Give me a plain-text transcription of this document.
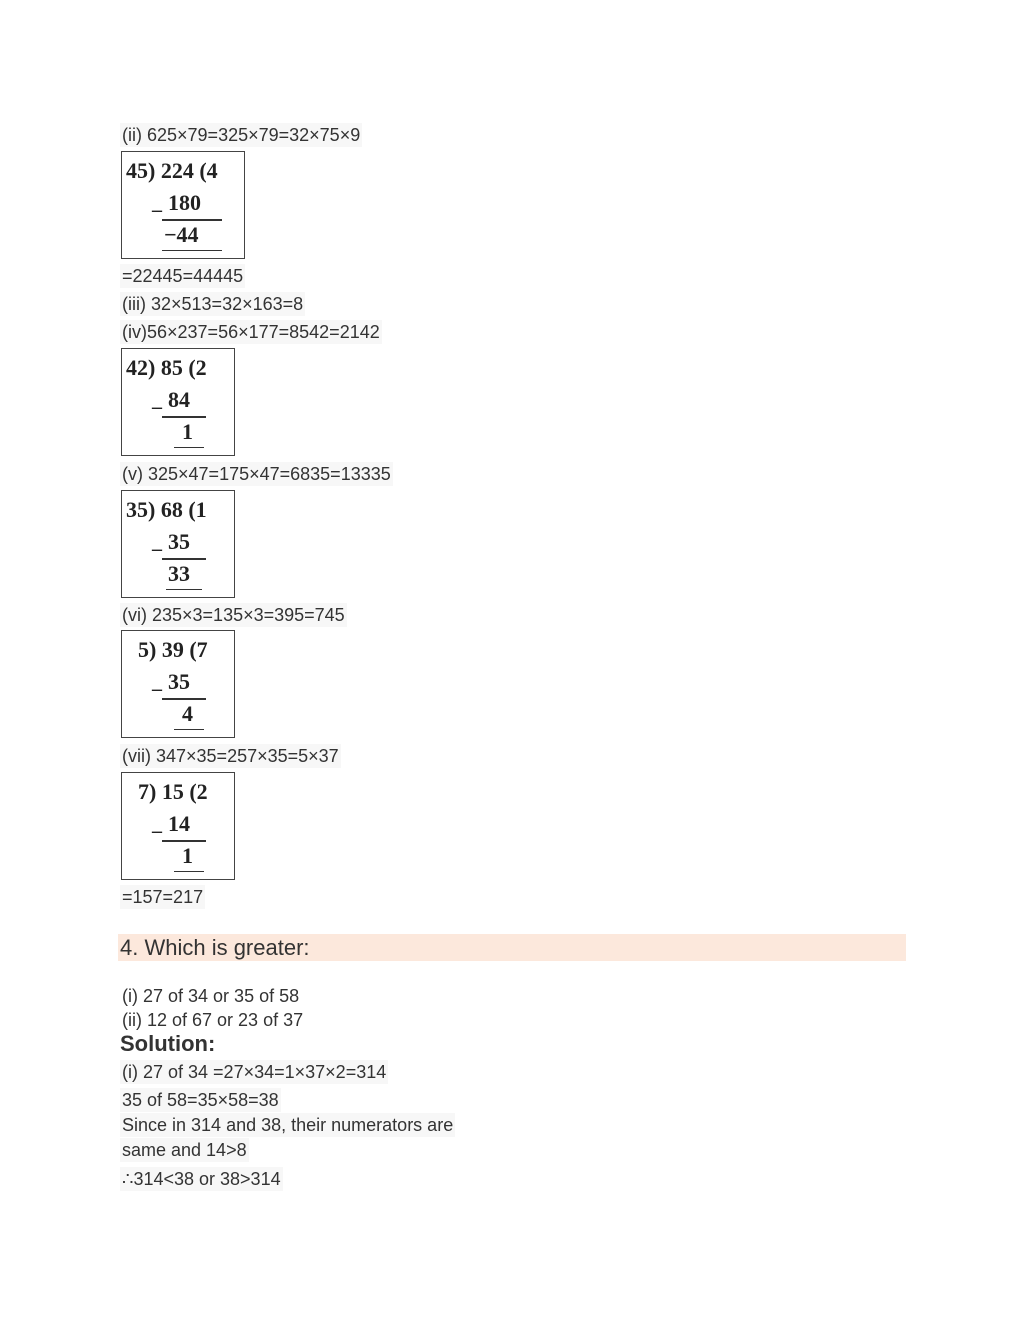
(ii) 625×79=325×79=32×75×9
45) 224 (4
_ 180
−44
=22445=44445
(iii) 32×513=32×163=8
(iv)56×237=56×177=8542=2142
42) 85 (2
_ 84
1
(v) 325×47=175×47=6835=13335
35) 68 (1
_ 35
33
(vi) 235×3=135×3=395=745
5) 39 (7
_ 35
4
(vii) 347×35=257×35=5×37
7) 15 (2
_ 14
1
=157=217
4. Which is greater:
(i) 27 of 34 or 35 of 58
(ii) 12 of 67 or 23 of 37
Solution:
(i) 27 of 34 =27×34=1×37×2=314
35 of 58=35×58=38
Since in 314 and 38, their numerators are
same and 14>8
∴314<38 or 38>314
